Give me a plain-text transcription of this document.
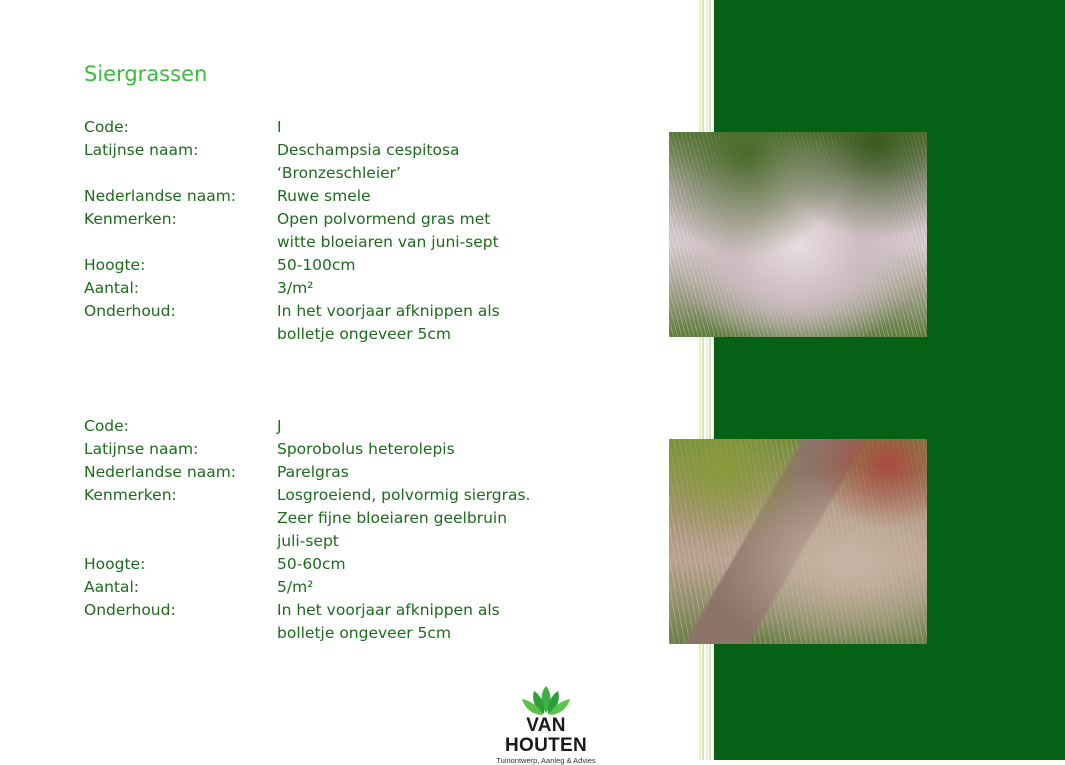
Siergrassen
Code:	I
Latijnse naam:	Deschampsia cespitosa
‘Bronzeschleier’
Nederlandse naam:	Ruwe smele
Kenmerken:	Open polvormend gras met
witte bloeiaren van juni-sept
Hoogte:	50-100cm
Aantal:	3/m²
Onderhoud:	In het voorjaar afknippen als
bolletje ongeveer 5cm
Code:	J
Latijnse naam:	Sporobolus heterolepis
Nederlandse naam:	Parelgras
Kenmerken:	Losgroeiend, polvormig siergras.
Zeer fijne bloeiaren geelbruin
juli-sept
Hoogte:	50-60cm
Aantal:	5/m²
Onderhoud:	In het voorjaar afknippen als
bolletje ongeveer 5cm
VAN HOUTEN
Tuinontwerp, Aanleg & Advies
